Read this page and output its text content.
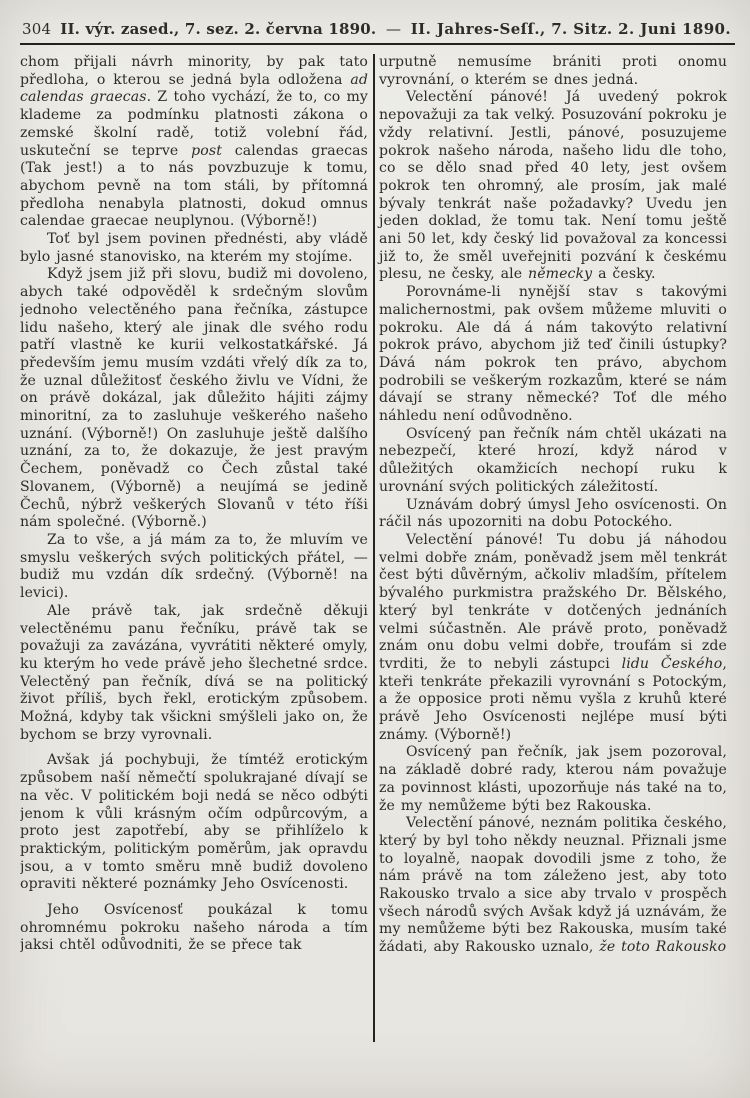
304 II. výr. zased., 7. sez. 2. června 1890. — II. Jahres-Seſſ., 7. Sitz. 2. Juni 1890.

chom přijali návrh minority, by pak tato předloha, o kterou se jedná byla odložena ad calendas graecas. Z toho vychází, že to, co my klademe za podmínku platnosti zákona o zemské školní radě, totiž volební řád, uskuteční se teprve post calendas graecas (Tak jest!) a to nás povzbuzuje k tomu, abychom pevně na tom stáli, by přítomná předloha nenabyla platnosti, dokud omnus calendae graecae neuplynou. (Výborně!)

Toť byl jsem povinen přednésti, aby vládě bylo jasné stanovisko, na kterém my stojíme.

Když jsem již při slovu, budiž mi dovoleno, abych také odpověděl k srdečným slovům jednoho velectěného pana řečníka, zástupce lidu našeho, který ale jinak dle svého rodu patří vlastně ke kurii velkostatkářské. Já především jemu musím vzdáti vřelý dík za to, že uznal důležitosť českého živlu ve Vídni, že on právě dokázal, jak důležito hájiti zájmy minoritní, za to zasluhuje veškerého našeho uznání. (Výborně!) On zasluhuje ještě dalšího uznání, za to, že dokazuje, že jest pravým Čechem, poněvadž co Čech zůstal také Slovanem, (Výborně) a neujímá se jedině Čechů, nýbrž veškerých Slovanů v této říši nám společné. (Výborně.)

Za to vše, a já mám za to, že mluvím ve smyslu veškerých svých politických přátel, — budiž mu vzdán dík srdečný. (Výborně! na levici).

Ale právě tak, jak srdečně děkuji velectěnému panu řečníku, právě tak se považuji za zavázána, vyvrátiti některé omyly, ku kterým ho vede právě jeho šlechetné srdce. Velectěný pan řečník, dívá se na politický život příliš, bych řekl, erotickým způsobem. Možná, kdyby tak všickni smýšleli jako on, že bychom se brzy vyrovnali.

Avšak já pochybuji, že tímtéž erotickým způsobem naší němečtí spolukrajané dívají se na věc. V politickém boji nedá se něco odbýti jenom k vůli krásným očím odpůrcovým, a proto jest zapotřebí, aby se přihlíželo k praktickým, politickým poměrům, jak opravdu jsou, a v tomto směru mně budiž dovoleno opraviti některé poznámky Jeho Osvícenosti.

Jeho Osvícenosť poukázal k tomu ohromnému pokroku našeho národa a tím jaksi chtěl odůvodniti, že se přece tak

urputně nemusíme brániti proti onomu vyrovnání, o kterém se dnes jedná.

Velectění pánové! Já uvedený pokrok nepovažuji za tak velký. Posuzování pokroku je vždy relativní. Jestli, pánové, posuzujeme pokrok našeho národa, našeho lidu dle toho, co se dělo snad před 40 lety, jest ovšem pokrok ten ohromný, ale prosím, jak malé bývaly tenkrát naše požadavky? Uvedu jen jeden doklad, že tomu tak. Není tomu ještě ani 50 let, kdy český lid považoval za koncessi již to, že směl uveřejniti pozvání k českému plesu, ne česky, ale německy a česky.

Porovnáme-li nynější stav s takovými malichernostmi, pak ovšem můžeme mluviti o pokroku. Ale dá á nám takovýto relativní pokrok právo, abychom již teď činili ústupky? Dává nám pokrok ten právo, abychom podrobili se veškerým rozkazům, které se nám dávají se strany německé? Toť dle mého náhledu není odůvodněno.

Osvícený pan řečník nám chtěl ukázati na nebezpečí, které hrozí, když národ v důležitých okamžicích nechopí ruku k urovnání svých politických záležitostí.

Uznávám dobrý úmysl Jeho osvícenosti. On ráčil nás upozorniti na dobu Potockého.

Velectění pánové! Tu dobu já náhodou velmi dobře znám, poněvadž jsem měl tenkrát čest býti důvěrným, ačkoliv mladším, přítelem bývalého purkmistra pražského Dr. Bělského, který byl tenkráte v dotčených jednáních velmi súčastněn. Ale právě proto, poněvadž znám onu dobu velmi dobře, troufám si zde tvrditi, že to nebyli zástupci lidu Českého, kteři tenkráte překazili vyrovnání s Potockým, a že opposice proti němu vyšla z kruhů které právě Jeho Osvícenosti nejlépe musí býti známy. (Výborně!)

Osvícený pan řečník, jak jsem pozoroval, na základě dobré rady, kterou nám považuje za povinnost klásti, upozorňuje nás také na to, že my nemůžeme býti bez Rakouska.

Velectění pánové, neznám politika českého, který by byl toho někdy neuznal. Přiznali jsme to loyalně, naopak dovodili jsme z toho, že nám právě na tom záleženo jest, aby toto Rakousko trvalo a sice aby trvalo v prospěch všech národů svých Avšak když já uznávám, že my nemůžeme býti bez Rakouska, musím také žádati, aby Rakousko uznalo, že toto Rakousko
